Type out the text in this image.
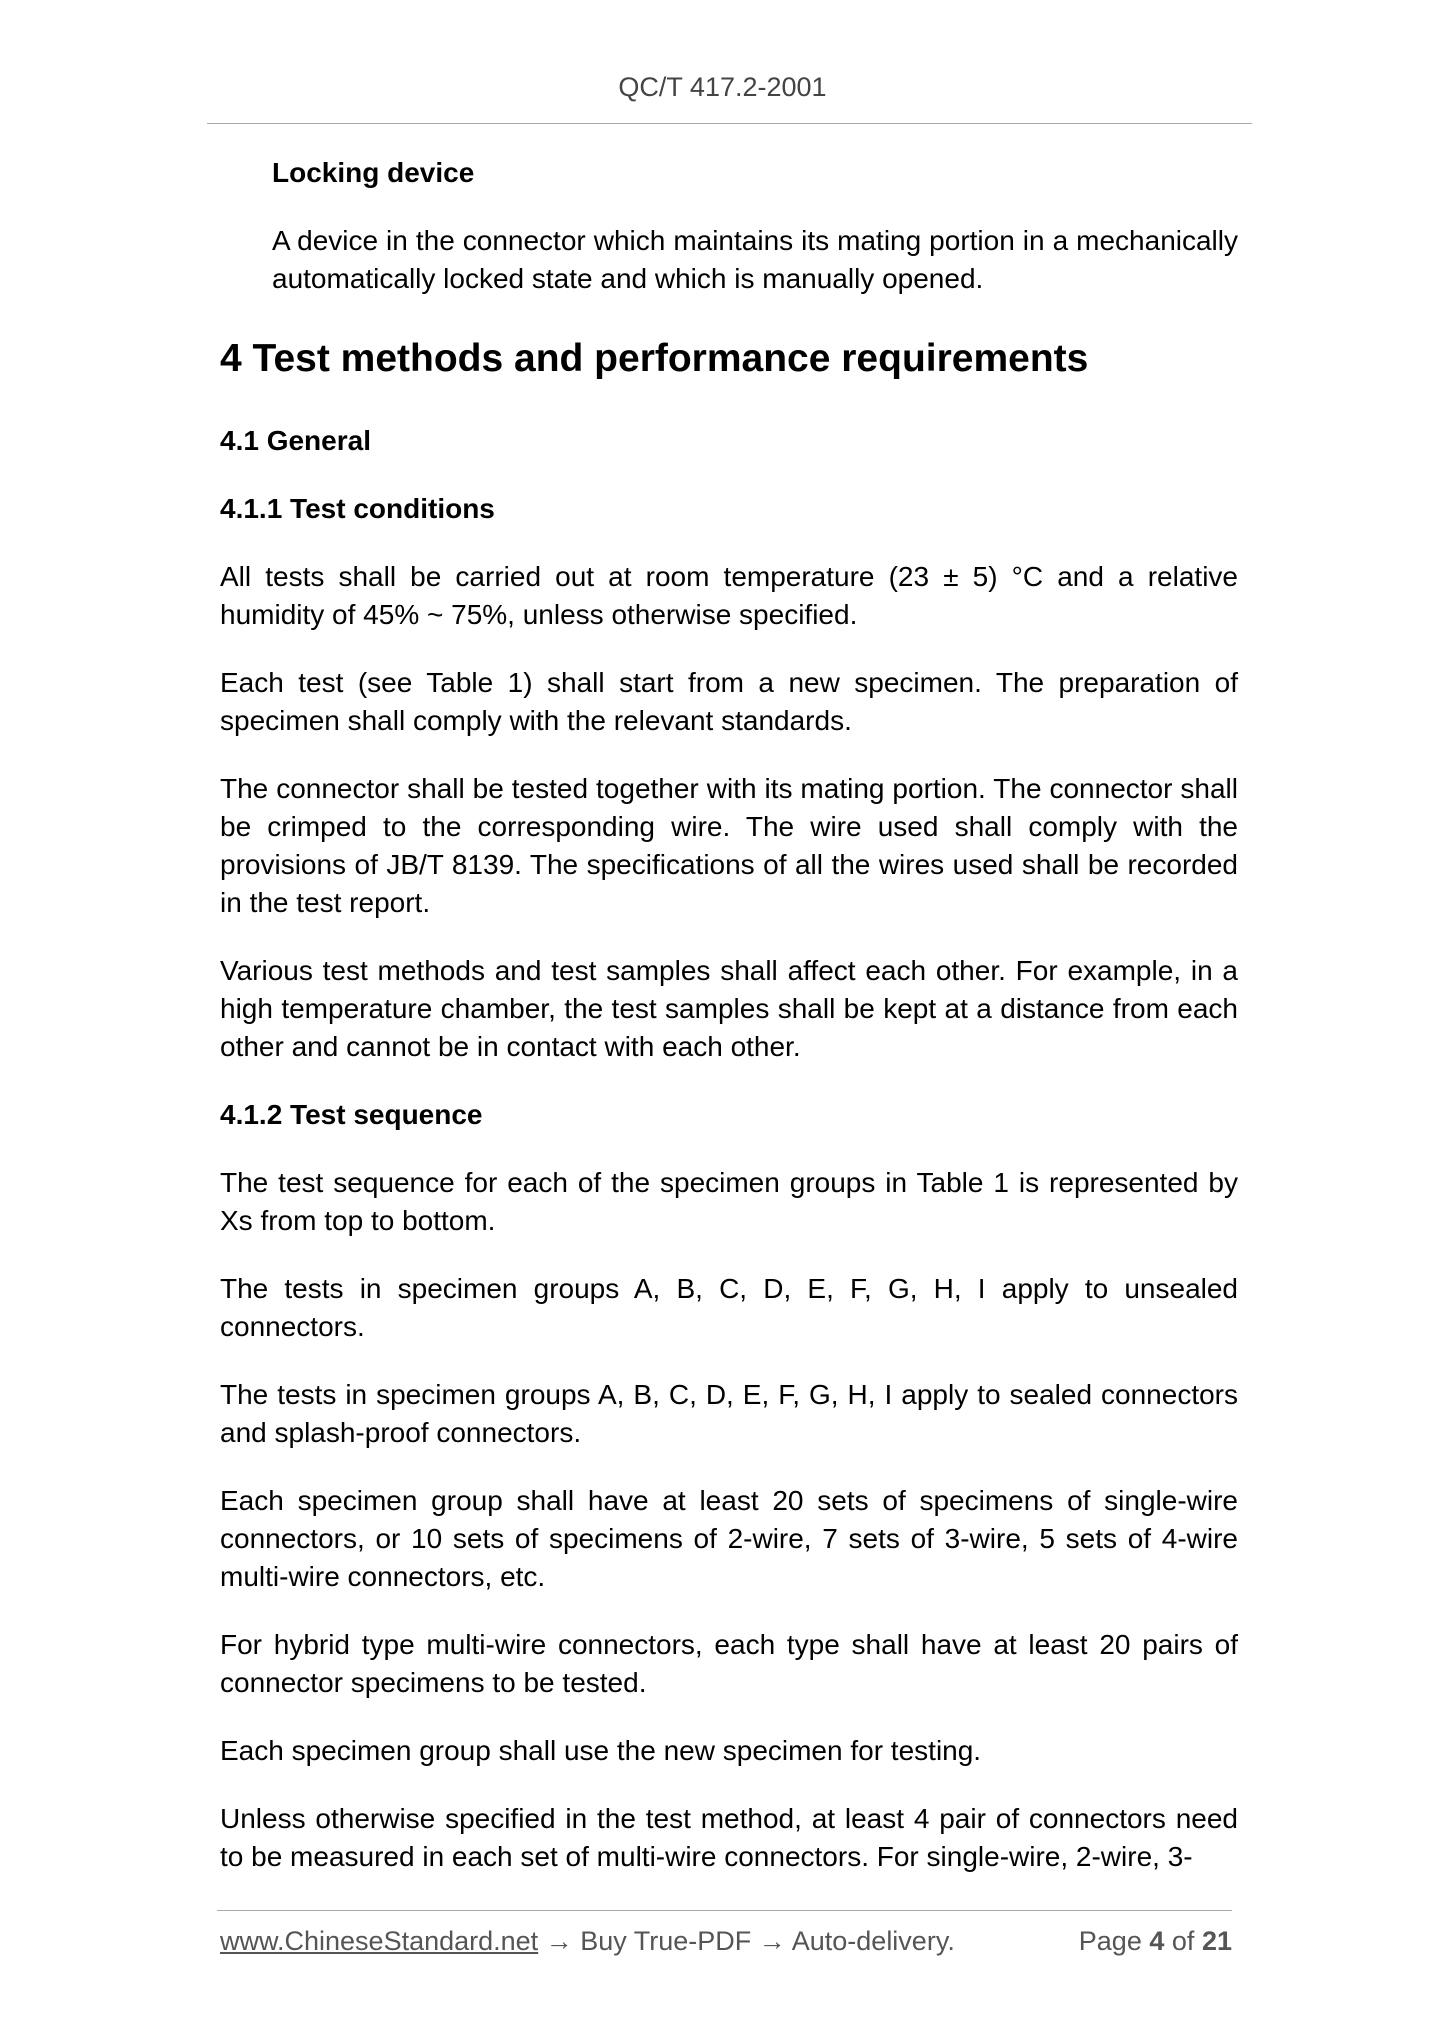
QC/T 417.2-2001
Locking device
A device in the connector which maintains its mating portion in a mechanically automatically locked state and which is manually opened.
4 Test methods and performance requirements
4.1 General
4.1.1 Test conditions
All tests shall be carried out at room temperature (23 ± 5) °C and a relative humidity of 45% ~ 75%, unless otherwise specified.
Each test (see Table 1) shall start from a new specimen. The preparation of specimen shall comply with the relevant standards.
The connector shall be tested together with its mating portion. The connector shall be crimped to the corresponding wire. The wire used shall comply with the provisions of JB/T 8139. The specifications of all the wires used shall be recorded in the test report.
Various test methods and test samples shall affect each other. For example, in a high temperature chamber, the test samples shall be kept at a distance from each other and cannot be in contact with each other.
4.1.2 Test sequence
The test sequence for each of the specimen groups in Table 1 is represented by Xs from top to bottom.
The tests in specimen groups A, B, C, D, E, F, G, H, I apply to unsealed connectors.
The tests in specimen groups A, B, C, D, E, F, G, H, I apply to sealed connectors and splash-proof connectors.
Each specimen group shall have at least 20 sets of specimens of single-wire connectors, or 10 sets of specimens of 2-wire, 7 sets of 3-wire, 5 sets of 4-wire multi-wire connectors, etc.
For hybrid type multi-wire connectors, each type shall have at least 20 pairs of connector specimens to be tested.
Each specimen group shall use the new specimen for testing.
Unless otherwise specified in the test method, at least 4 pair of connectors need to be measured in each set of multi-wire connectors. For single-wire, 2-wire, 3-
www.ChineseStandard.net → Buy True-PDF → Auto-delivery.	Page 4 of 21
